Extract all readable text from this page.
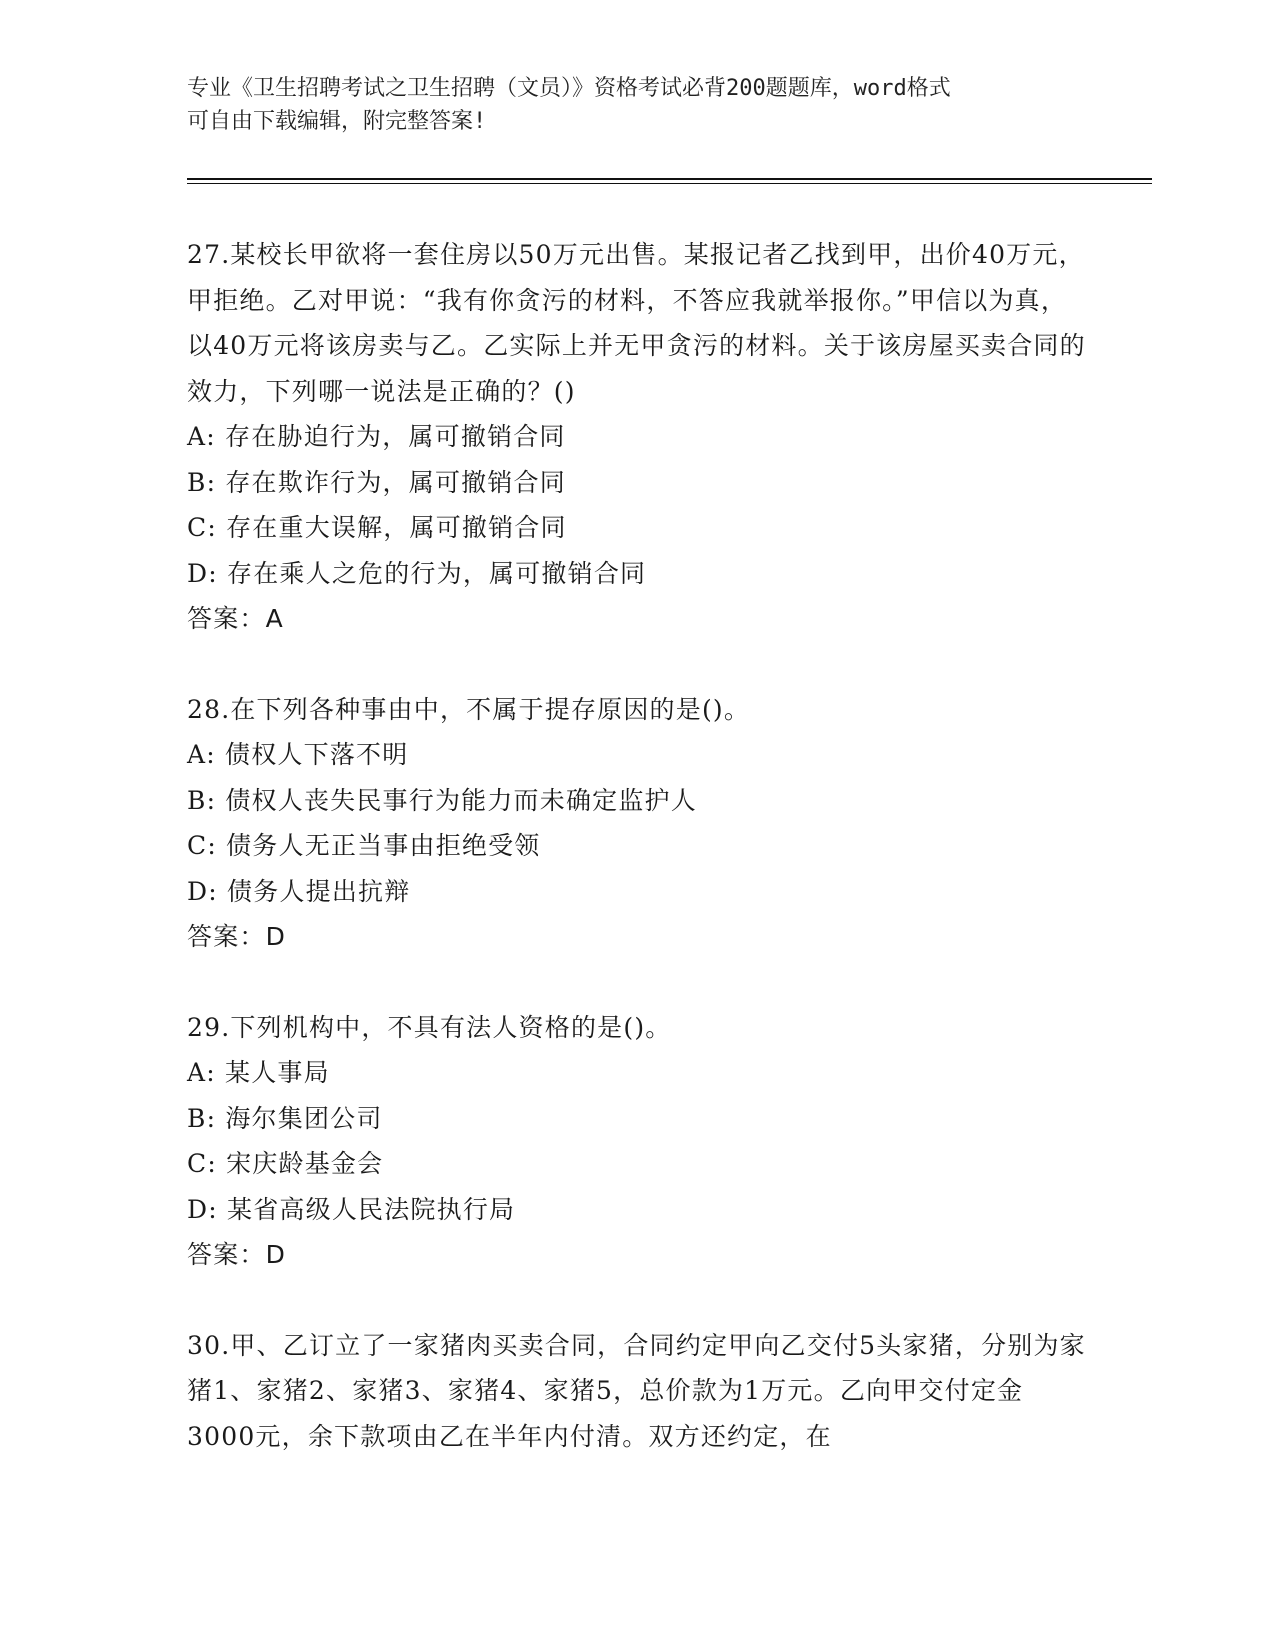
专业《卫生招聘考试之卫生招聘（文员）》资格考试必背200题题库，word格式
可自由下载编辑，附完整答案!
27.某校长甲欲将一套住房以50万元出售。某报记者乙找到甲，出价40万元，甲拒绝。乙对甲说：“我有你贪污的材料，不答应我就举报你。”甲信以为真，以40万元将该房卖与乙。乙实际上并无甲贪污的材料。关于该房屋买卖合同的效力，下列哪一说法是正确的？()
A: 存在胁迫行为，属可撤销合同
B: 存在欺诈行为，属可撤销合同
C: 存在重大误解，属可撤销合同
D: 存在乘人之危的行为，属可撤销合同
答案：A
28.在下列各种事由中，不属于提存原因的是()。
A: 债权人下落不明
B: 债权人丧失民事行为能力而未确定监护人
C: 债务人无正当事由拒绝受领
D: 债务人提出抗辩
答案：D
29.下列机构中，不具有法人资格的是()。
A: 某人事局
B: 海尔集团公司
C: 宋庆龄基金会
D: 某省高级人民法院执行局
答案：D
30.甲、乙订立了一家猪肉买卖合同，合同约定甲向乙交付5头家猪，分别为家猪1、家猪2、家猪3、家猪4、家猪5，总价款为1万元。乙向甲交付定金3000元，余下款项由乙在半年内付清。双方还约定，在
